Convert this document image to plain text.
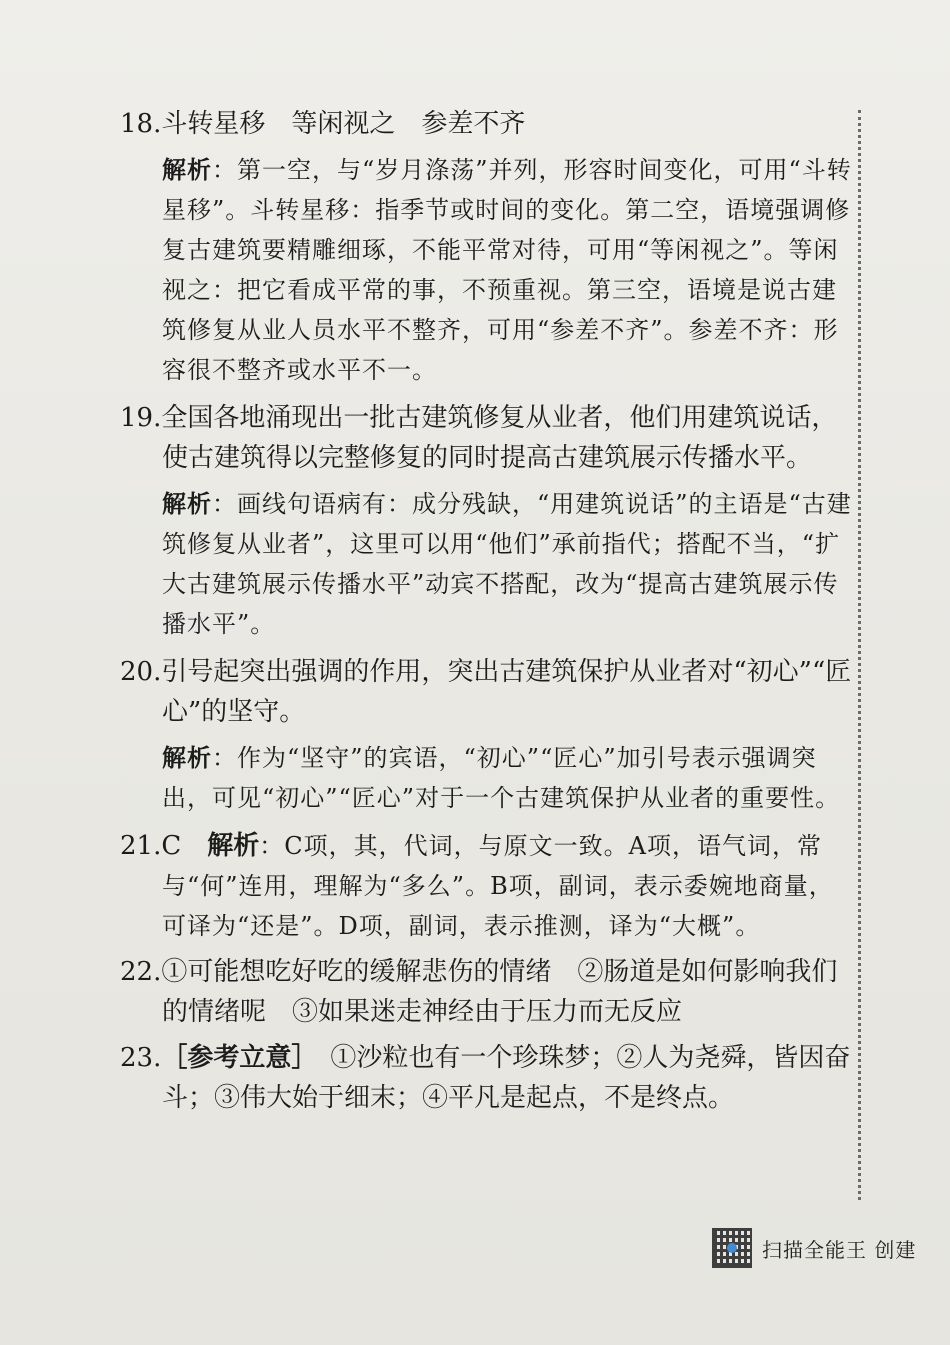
18.斗转星移　等闲视之　参差不齐
解析：第一空，与“岁月涤荡”并列，形容时间变化，可用“斗转星移”。斗转星移：指季节或时间的变化。第二空，语境强调修复古建筑要精雕细琢，不能平常对待，可用“等闲视之”。等闲视之：把它看成平常的事，不预重视。第三空，语境是说古建筑修复从业人员水平不整齐，可用“参差不齐”。参差不齐：形容很不整齐或水平不一。
19.全国各地涌现出一批古建筑修复从业者，他们用建筑说话，使古建筑得以完整修复的同时提高古建筑展示传播水平。
解析：画线句语病有：成分残缺，“用建筑说话”的主语是“古建筑修复从业者”，这里可以用“他们”承前指代；搭配不当，“扩大古建筑展示传播水平”动宾不搭配，改为“提高古建筑展示传播水平”。
20.引号起突出强调的作用，突出古建筑保护从业者对“初心”“匠心”的坚守。
解析：作为“坚守”的宾语，“初心”“匠心”加引号表示强调突出，可见“初心”“匠心”对于一个古建筑保护从业者的重要性。
21.C　 解析：C项，其，代词，与原文一致。A项，语气词，常与“何”连用，理解为“多么”。B项，副词，表示委婉地商量，可译为“还是”。D项，副词，表示推测，译为“大概”。
22.①可能想吃好吃的缓解悲伤的情绪　②肠道是如何影响我们的情绪呢　③如果迷走神经由于压力而无反应
23.［参考立意］　 ①沙粒也有一个珍珠梦；②人为尧舜，皆因奋斗；③伟大始于细末；④平凡是起点，不是终点。
扫描全能王 创建
